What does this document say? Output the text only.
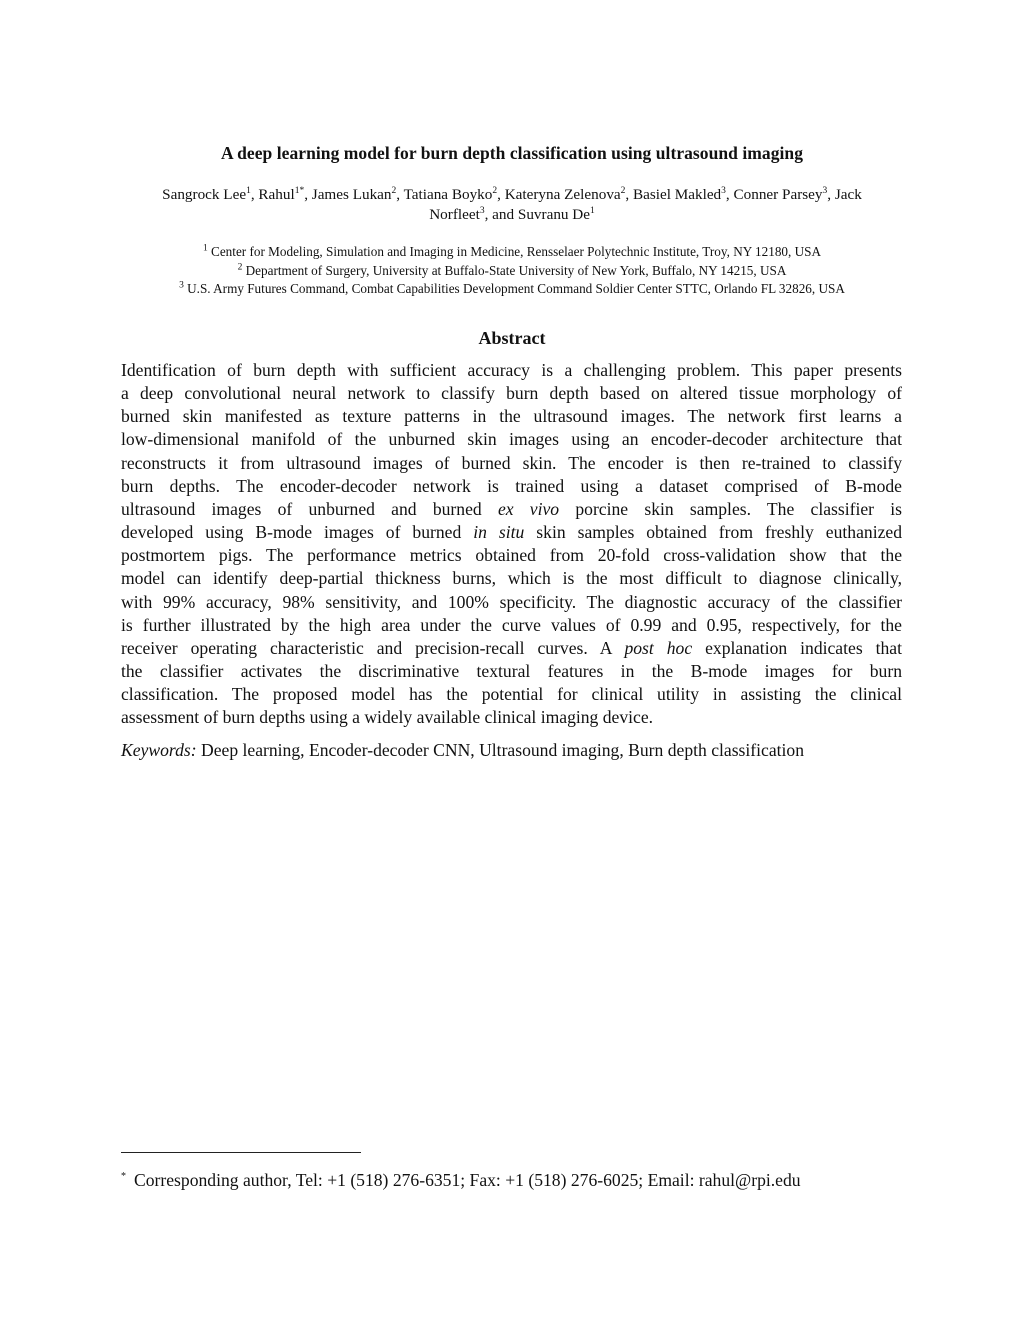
A deep learning model for burn depth classification using ultrasound imaging
Sangrock Lee$^1$, Rahul$^{1*}$, James Lukan$^2$, Tatiana Boyko$^2$, Kateryna Zelenova$^2$, Basiel Makled$^3$, Conner Parsey$^3$, Jack
Norfleet$^3$, and Suvranu De$^1$
$^1$ Center for Modeling, Simulation and Imaging in Medicine, Rensselaer Polytechnic Institute, Troy, NY 12180, USA
$^2$ Department of Surgery, University at Buffalo-State University of New York, Buffalo, NY 14215, USA
$^3$ U.S. Army Futures Command, Combat Capabilities Development Command Soldier Center STTC, Orlando FL 32826, USA
Abstract
Identification of burn depth with sufficient accuracy is a challenging problem. This paper presents
a deep convolutional neural network to classify burn depth based on altered tissue morphology of
burned skin manifested as texture patterns in the ultrasound images. The network first learns a
low-dimensional manifold of the unburned skin images using an encoder-decoder architecture that
reconstructs it from ultrasound images of burned skin. The encoder is then re-trained to classify
burn depths. The encoder-decoder network is trained using a dataset comprised of B-mode
ultrasound images of unburned and burned ex vivo porcine skin samples. The classifier is
developed using B-mode images of burned in situ skin samples obtained from freshly euthanized
postmortem pigs. The performance metrics obtained from 20-fold cross-validation show that the
model can identify deep-partial thickness burns, which is the most difficult to diagnose clinically,
with 99% accuracy, 98% sensitivity, and 100% specificity. The diagnostic accuracy of the classifier
is further illustrated by the high area under the curve values of 0.99 and 0.95, respectively, for the
receiver operating characteristic and precision-recall curves. A post hoc explanation indicates that
the classifier activates the discriminative textural features in the B-mode images for burn
classification. The proposed model has the potential for clinical utility in assisting the clinical
assessment of burn depths using a widely available clinical imaging device.
Keywords: Deep learning, Encoder-decoder CNN, Ultrasound imaging, Burn depth classification
* Corresponding author, Tel: +1 (518) 276-6351; Fax: +1 (518) 276-6025; Email: rahul@rpi.edu
